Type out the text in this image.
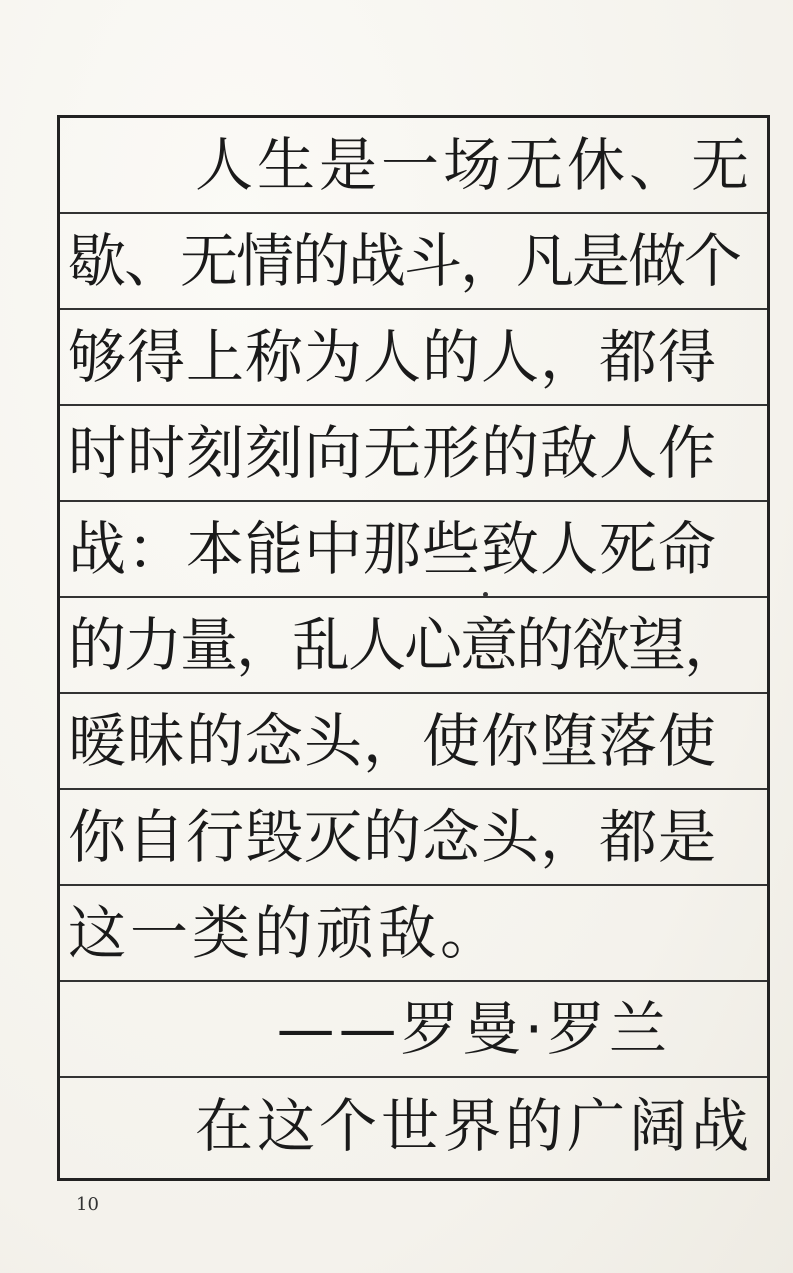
人生是一场无休、无
歇、无情的战斗，凡是做个
够得上称为人的人，都得
时时刻刻向无形的敌人作
战：本能中那些致人死命
的力量，乱人心意的欲望，
暧昧的念头，使你堕落使
你自行毁灭的念头，都是
这一类的顽敌。
——罗曼·罗兰
在这个世界的广阔战
10
